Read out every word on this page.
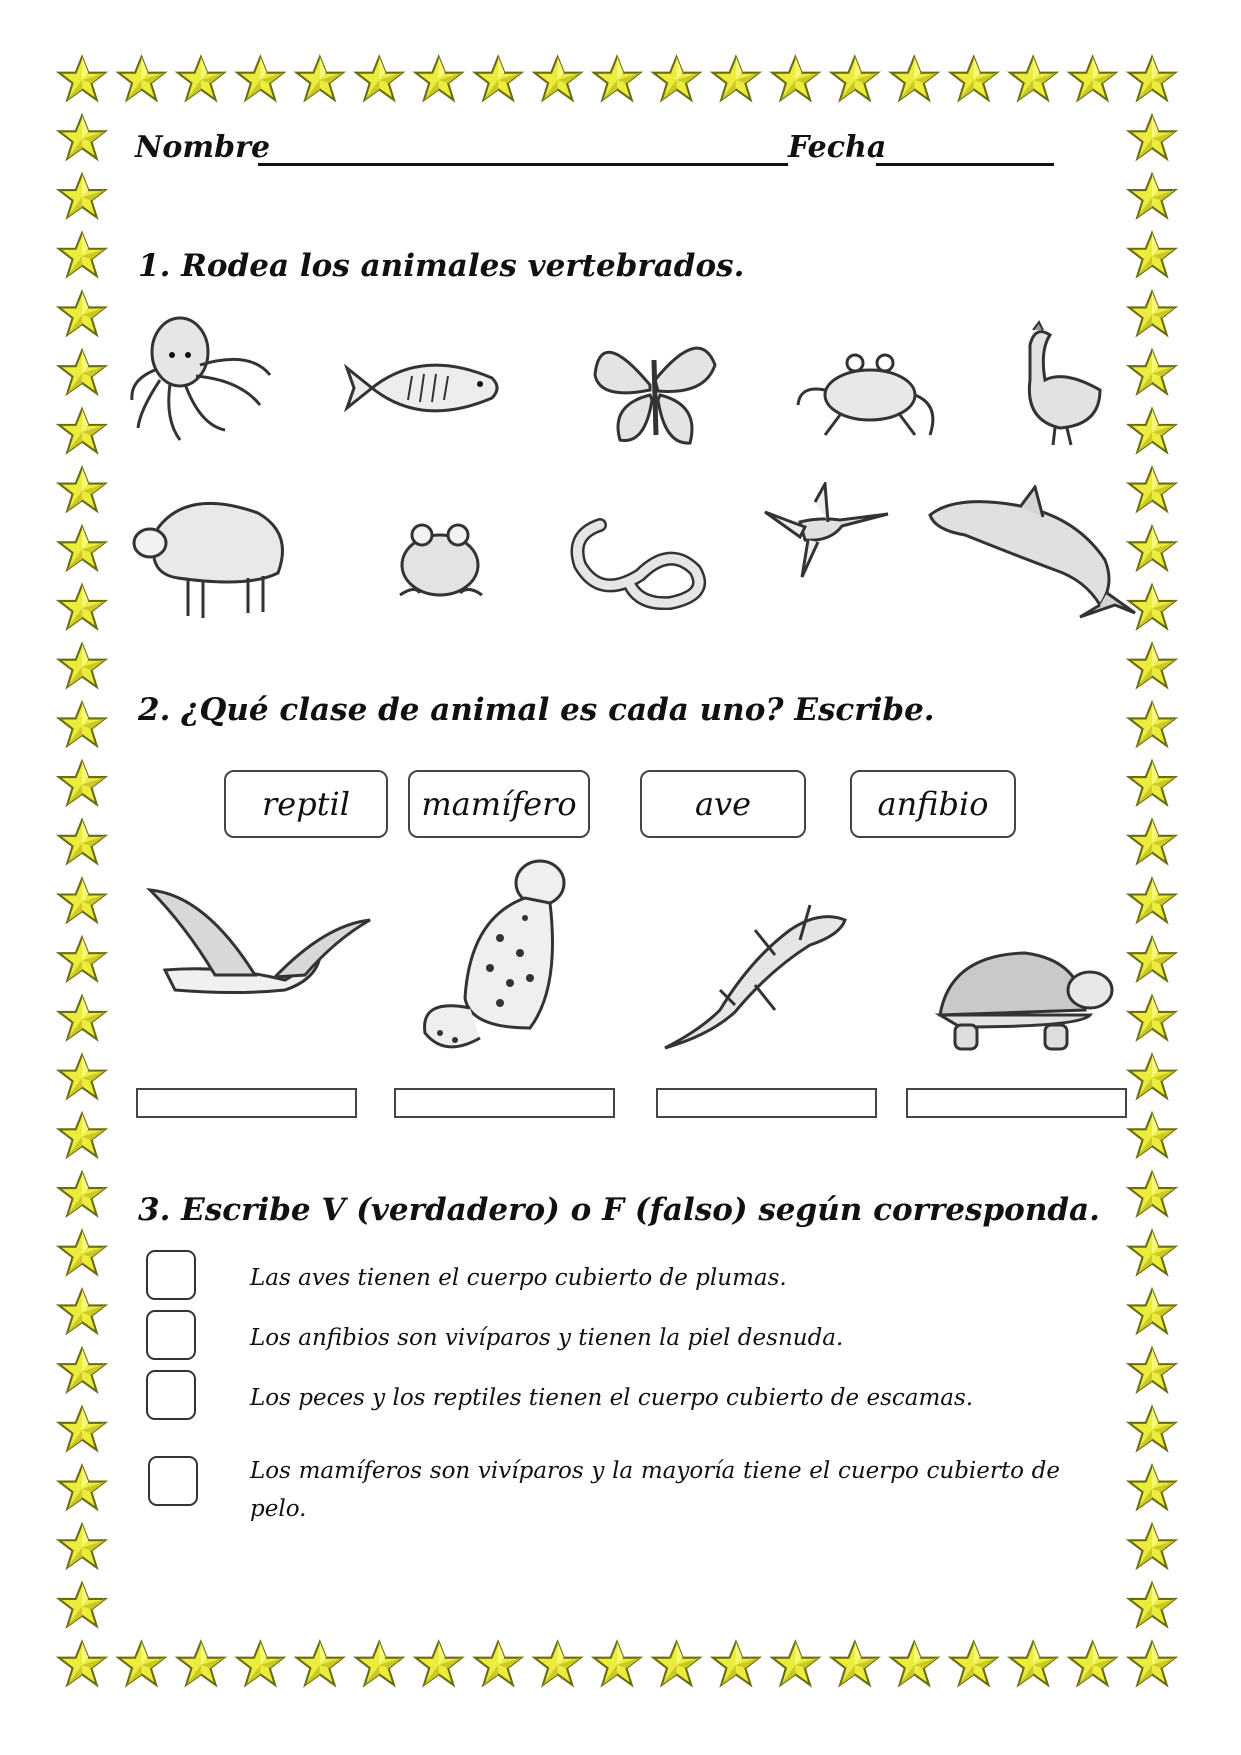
Nombre	Fecha
1. Rodea los animales vertebrados.
2. ¿Qué clase de animal es cada uno? Escribe.
reptil	mamífero	ave	anfibio
3. Escribe V (verdadero) o F (falso) según corresponda.
Las aves tienen el cuerpo cubierto de plumas.
Los anfibios son vivíparos y tienen la piel desnuda.
Los peces y los reptiles tienen el cuerpo cubierto de escamas.
Los mamíferos son vivíparos y la mayoría tiene el cuerpo cubierto de pelo.
